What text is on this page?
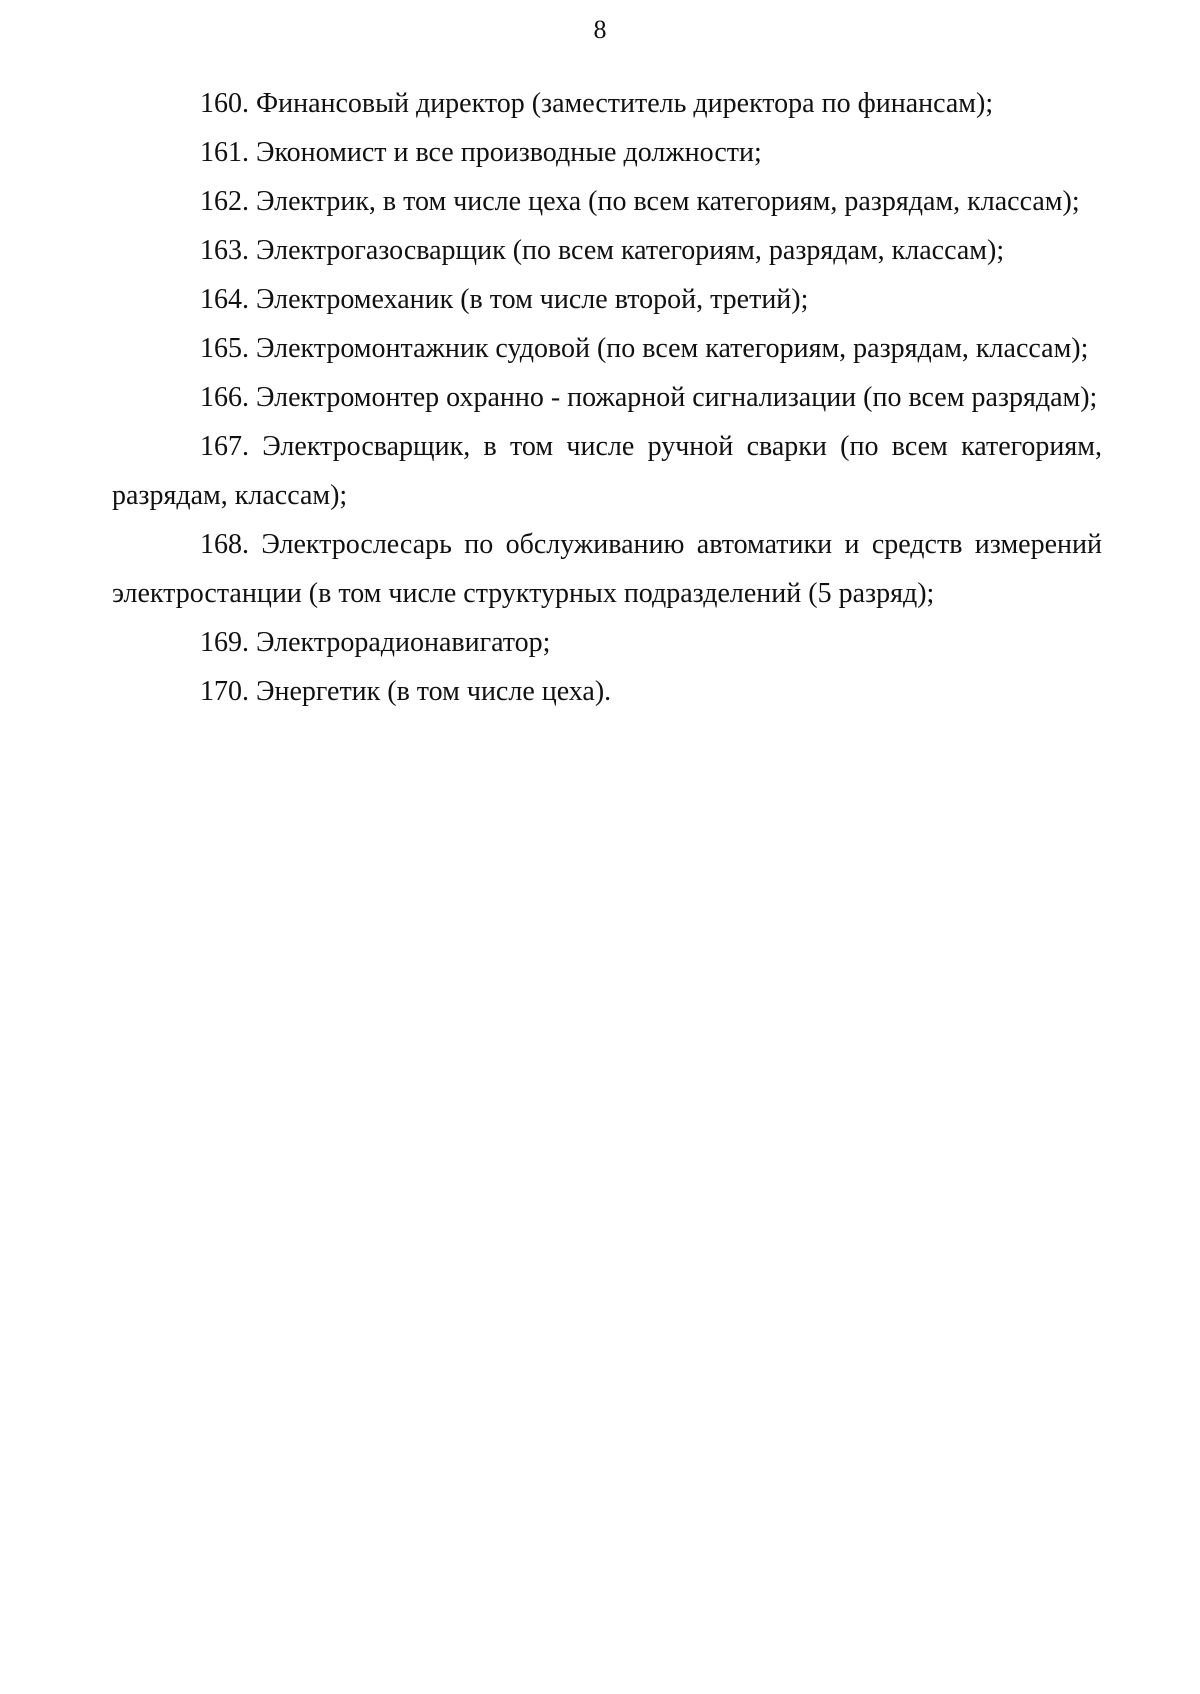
8

160. Финансовый директор (заместитель директора по финансам);

161. Экономист и все производные должности;

162. Электрик, в том числе цеха (по всем категориям, разрядам, классам);

163. Электрогазосварщик (по всем категориям, разрядам, классам);

164. Электромеханик (в том числе второй, третий);

165. Электромонтажник судовой (по всем категориям, разрядам, классам);

166. Электромонтер охранно - пожарной сигнализации (по всем разрядам);

167. Электросварщик, в том числе ручной сварки (по всем категориям, разрядам, классам);

168. Электрослесарь по обслуживанию автоматики и средств измерений электростанции (в том числе структурных подразделений (5 разряд);

169. Электрорадионавигатор;

170. Энергетик (в том числе цеха).
